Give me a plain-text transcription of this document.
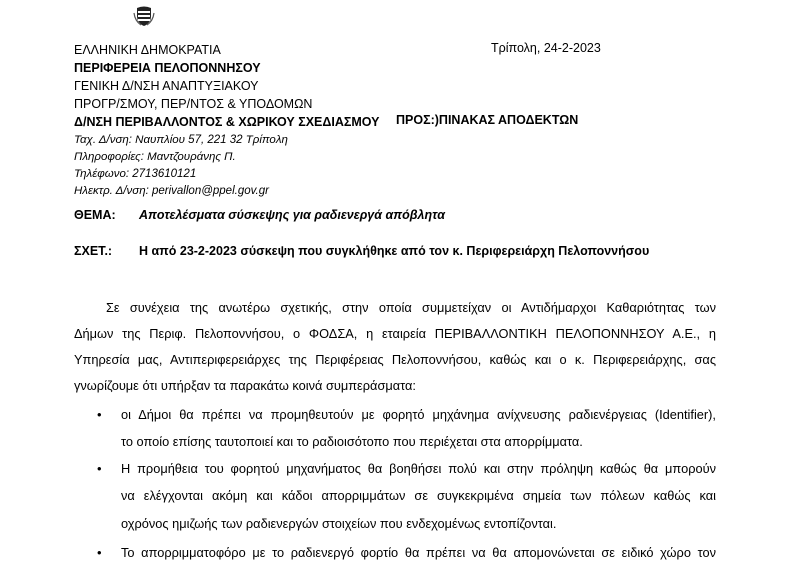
ΕΛΛΗΝΙΚΗ ΔΗΜΟΚΡΑΤΙΑ
ΠΕΡΙΦΕΡΕΙΑ ΠΕΛΟΠΟΝΝΗΣΟΥ
ΓΕΝΙΚΗ Δ/ΝΣΗ ΑΝΑΠΤΥΞΙΑΚΟΥ
ΠΡΟΓΡ/ΣΜΟΥ, ΠΕΡ/ΝΤΟΣ & ΥΠΟΔΟΜΩΝ
Δ/ΝΣΗ ΠΕΡΙΒΑΛΛΟΝΤΟΣ & ΧΩΡΙΚΟΥ ΣΧΕΔΙΑΣΜΟΥ
Ταχ. Δ/νση: Ναυπλίου 57, 221 32 Τρίπολη
Πληροφορίες: Μαντζουράνης Π.
Τηλέφωνο: 2713610121
Ηλεκτρ. Δ/νση: perivallon@ppel.gov.gr
Τρίπολη, 24-2-2023
ΠΡΟΣ:)ΠΙΝΑΚΑΣ ΑΠΟΔΕΚΤΩΝ
ΘΕΜΑ: Αποτελέσματα σύσκεψης για ραδιενεργά απόβλητα
ΣΧΕΤ.: Η από 23-2-2023 σύσκεψη που συγκλήθηκε από τον κ. Περιφερειάρχη Πελοποννήσου
Σε συνέχεια της ανωτέρω σχετικής, στην οποία συμμετείχαν οι Αντιδήμαρχοι Καθαριότητας των
Δήμων της Περιφ. Πελοποννήσου, ο ΦΟΔΣΑ, η εταιρεία ΠΕΡΙΒΑΛΛΟΝΤΙΚΗ ΠΕΛΟΠΟΝΝΗΣΟΥ Α.Ε., η
Υπηρεσία μας, Αντιπεριφερειάρχες της Περιφέρειας Πελοποννήσου, καθώς και ο κ. Περιφερειάρχης, σας
γνωρίζουμε ότι υπήρξαν τα παρακάτω κοινά συμπεράσματα:
• οι Δήμοι θα πρέπει να προμηθευτούν με φορητό μηχάνημα ανίχνευσης ραδιενέργειας (Identifier),
το οποίο επίσης ταυτοποιεί και το ραδιοισότοπο που περιέχεται στα απορρίμματα.
• Η προμήθεια του φορητού μηχανήματος θα βοηθήσει πολύ και στην πρόληψη καθώς θα μπορούν
να ελέγχονται ακόμη και κάδοι απορριμμάτων σε συγκεκριμένα σημεία των πόλεων καθώς και
οχρόνος ημιζωής των ραδιενεργών στοιχείων που ενδεχομένως εντοπίζονται.
• Το απορριμματοφόρο με το ραδιενεργό φορτίο θα πρέπει να θα απομονώνεται σε ειδικό χώρο τον
